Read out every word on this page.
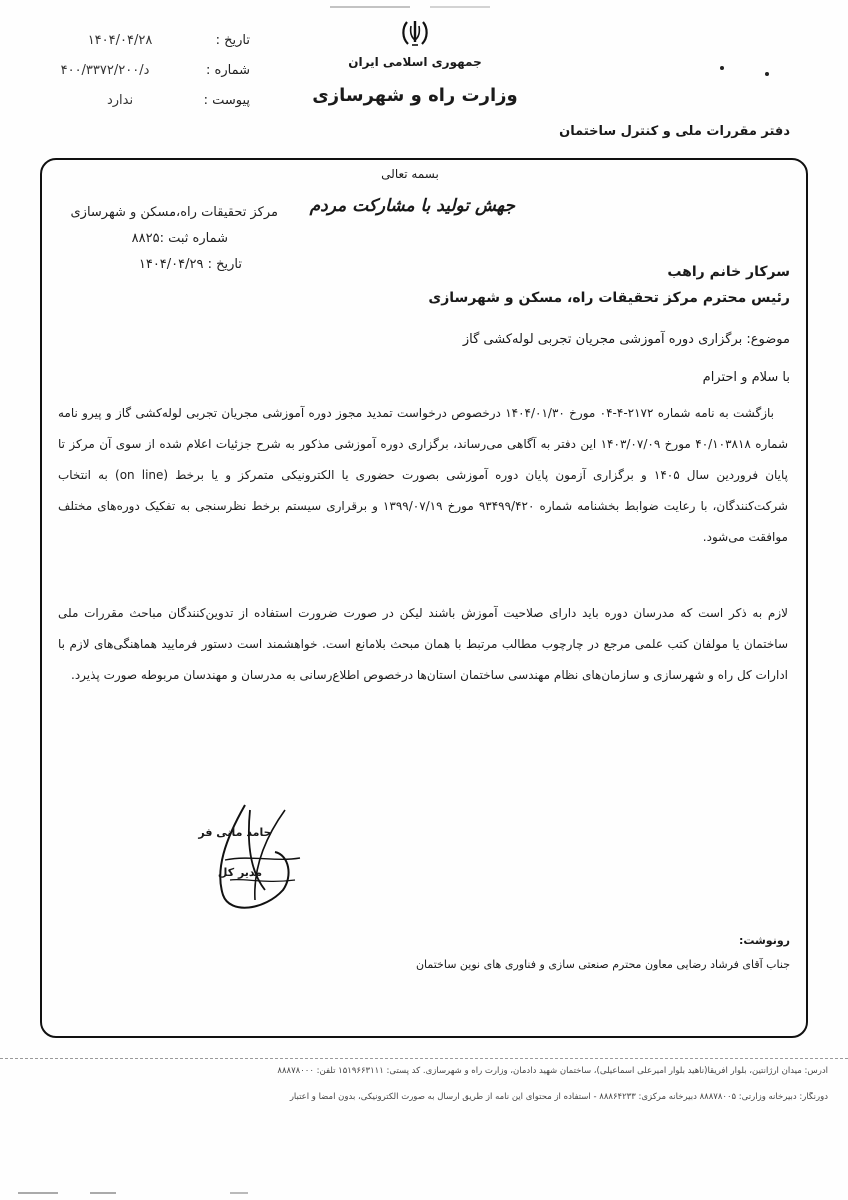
تاریخ :
۱۴۰۴/۰۴/۲۸
شماره :
۴۰۰/۳۳۷۲/۲۰۰/د
پیوست :
ندارد
جمهوری اسلامی ایران
وزارت راه و شهرسازی
دفتر مقررات ملی و کنترل ساختمان
بسمه تعالی
جهش تولید با مشارکت مردم
مرکز تحقیقات راه،مسکن و شهرسازی
شماره ثبت :۸۸۲۵
تاریخ : ۱۴۰۴/۰۴/۲۹	سرکار خانم راهب
رئیس محترم مرکز تحقیقات راه، مسکن و شهرسازی
موضوع: برگزاری دوره آموزشی مجریان تجربی لوله‌کشی گاز
با سلام و احترام
بازگشت به نامه شماره ۲۱۷۲-۴-۰۴ مورخ ۱۴۰۴/۰۱/۳۰ درخصوص درخواست تمدید مجوز دوره آموزشی مجریان تجربی لوله‌کشی گاز و پیرو نامه شماره ۴۰/۱۰۳۸۱۸ مورخ ۱۴۰۳/۰۷/۰۹ این دفتر به آگاهی می‌رساند، برگزاری دوره آموزشی مذکور به شرح جزئیات اعلام شده از سوی آن مرکز تا پایان فروردین سال ۱۴۰۵ و برگزاری آزمون پایان دوره آموزشی بصورت حضوری یا الکترونیکی متمرکز و یا برخط (on line) به انتخاب شرکت‌کنندگان، با رعایت ضوابط بخشنامه شماره ۹۳۴۹۹/۴۲۰ مورخ ۱۳۹۹/۰۷/۱۹ و برقراری سیستم برخط نظرسنجی به تفکیک دوره‌های مختلف موافقت می‌شود.
لازم به ذکر است که مدرسان دوره باید دارای صلاحیت آموزش باشند لیکن در صورت ضرورت استفاده از تدوین‌کنندگان مباحث مقررات ملی ساختمان یا مولفان کتب علمی مرجع در چارچوب مطالب مرتبط با همان مبحث بلامانع است. خواهشمند است دستور فرمایید هماهنگی‌های لازم با ادارات کل راه و شهرسازی و سازمان‌های نظام مهندسی ساختمان استان‌ها درخصوص اطلاع‌رسانی به مدرسان و مهندسان مربوطه صورت پذیرد.
حامد مانی فر
مدیر کل
رونوشت:
جناب آقای فرشاد رضایی معاون محترم صنعتی سازی و فناوری های نوین ساختمان
آدرس: میدان آرژانتین، بلوار آفریقا(ناهید بلوار امیرعلی اسماعیلی)، ساختمان شهید دادمان، وزارت راه و شهرسازی. کد پستی: ۱۵۱۹۶۶۳۱۱۱ تلفن: ۸۸۸۷۸۰۰۰
دورنگار: دبیرخانه وزارتی: ۸۸۸۷۸۰۰۵ دبیرخانه مرکزی: ۸۸۸۶۴۲۳۳ - استفاده از محتوای این نامه از طریق ارسال به صورت الکترونیکی، بدون امضا و اعتبار
